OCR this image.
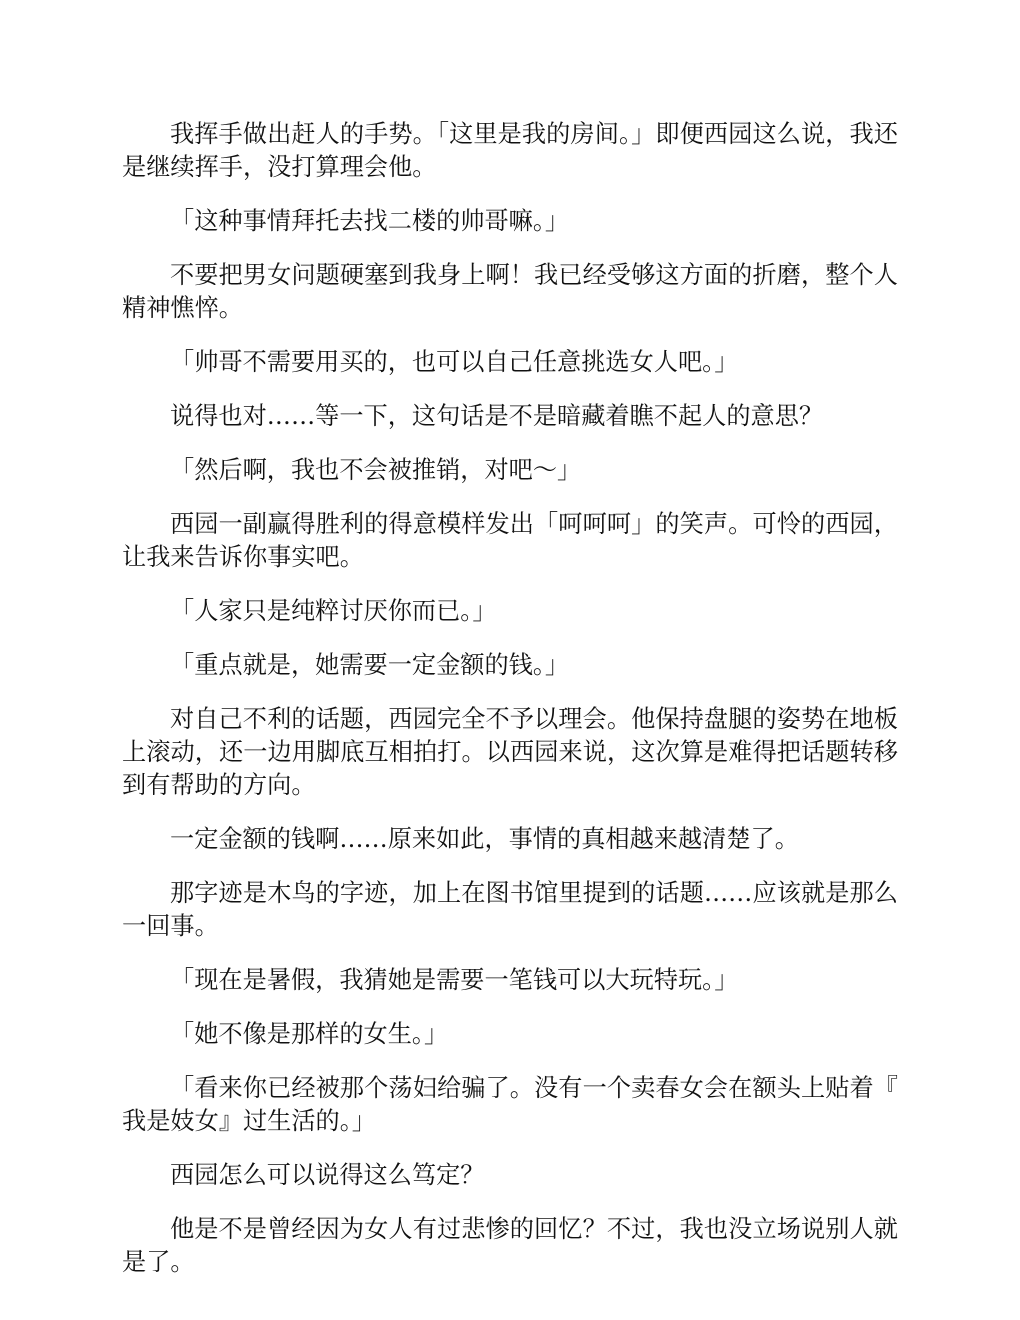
我挥手做出赶人的手势。「这里是我的房间。」即便西园这么说，我还是继续挥手，没打算理会他。

「这种事情拜托去找二楼的帅哥嘛。」

不要把男女问题硬塞到我身上啊！我已经受够这方面的折磨，整个人精神憔悴。

「帅哥不需要用买的，也可以自己任意挑选女人吧。」

说得也对……等一下，这句话是不是暗藏着瞧不起人的意思？

「然后啊，我也不会被推销，对吧～」

西园一副赢得胜利的得意模样发出「呵呵呵」的笑声。可怜的西园，让我来告诉你事实吧。

「人家只是纯粹讨厌你而已。」

「重点就是，她需要一定金额的钱。」

对自己不利的话题，西园完全不予以理会。他保持盘腿的姿势在地板上滚动，还一边用脚底互相拍打。以西园来说，这次算是难得把话题转移到有帮助的方向。

一定金额的钱啊……原来如此，事情的真相越来越清楚了。

那字迹是木鸟的字迹，加上在图书馆里提到的话题……应该就是那么一回事。

「现在是暑假，我猜她是需要一笔钱可以大玩特玩。」

「她不像是那样的女生。」

「看来你已经被那个荡妇给骗了。没有一个卖春女会在额头上贴着『我是妓女』过生活的。」

西园怎么可以说得这么笃定？

他是不是曾经因为女人有过悲惨的回忆？不过，我也没立场说别人就是了。
